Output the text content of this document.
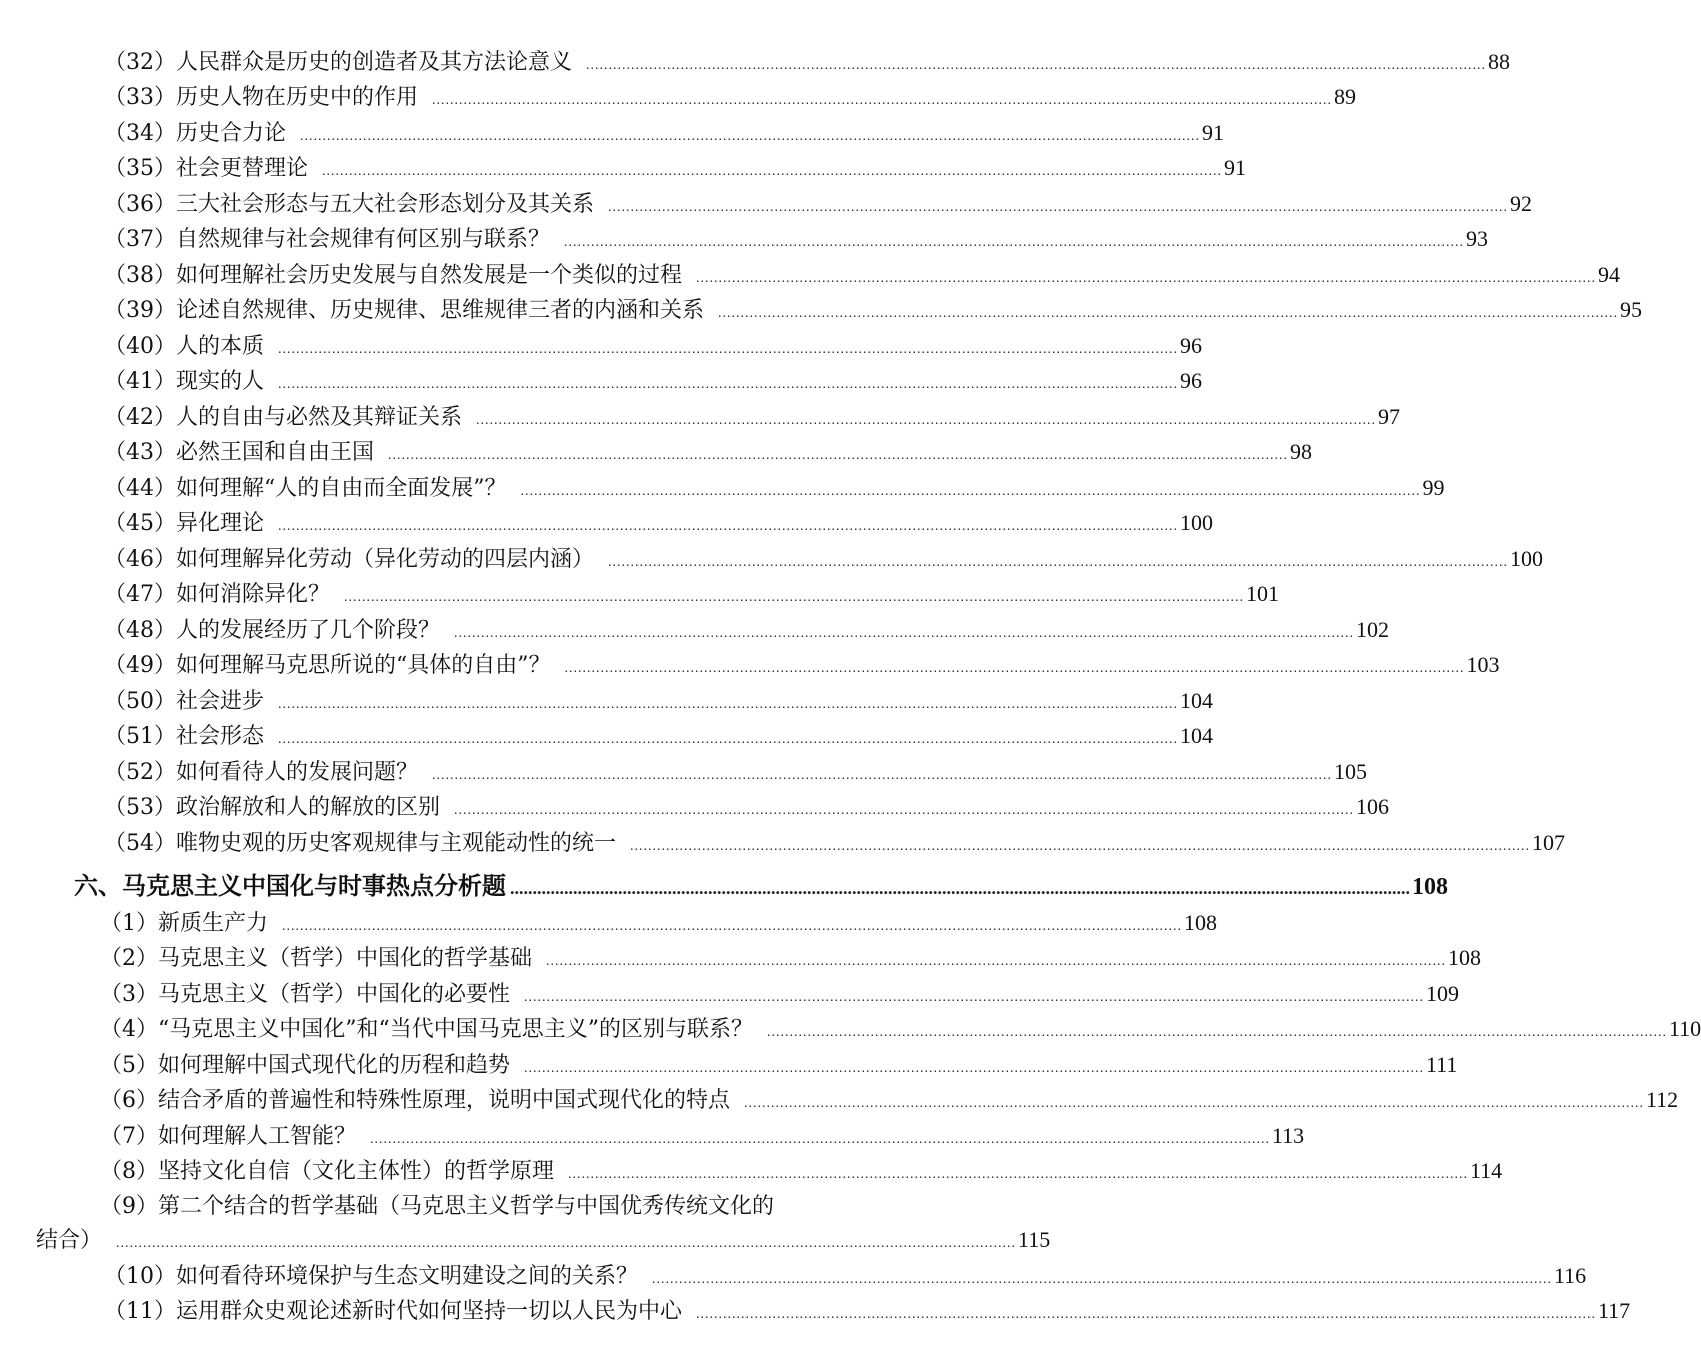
（32）人民群众是历史的创造者及其方法论意义 ........................................................................................................................................................................................................ 88
（33）历史人物在历史中的作用 ........................................................................................................................................................................................................ 89
（34）历史合力论 ........................................................................................................................................................................................................ 91
（35）社会更替理论 ........................................................................................................................................................................................................ 91
（36）三大社会形态与五大社会形态划分及其关系 ........................................................................................................................................................................................................ 92
（37）自然规律与社会规律有何区别与联系？ ........................................................................................................................................................................................................ 93
（38）如何理解社会历史发展与自然发展是一个类似的过程 ........................................................................................................................................................................................................ 94
（39）论述自然规律、历史规律、思维规律三者的内涵和关系 ........................................................................................................................................................................................................ 95
（40）人的本质 ........................................................................................................................................................................................................ 96
（41）现实的人 ........................................................................................................................................................................................................ 96
（42）人的自由与必然及其辩证关系 ........................................................................................................................................................................................................ 97
（43）必然王国和自由王国 ........................................................................................................................................................................................................ 98
（44）如何理解“人的自由而全面发展”？ ........................................................................................................................................................................................................ 99
（45）异化理论 ........................................................................................................................................................................................................ 100
（46）如何理解异化劳动（异化劳动的四层内涵） ........................................................................................................................................................................................................ 100
（47）如何消除异化？ ........................................................................................................................................................................................................ 101
（48）人的发展经历了几个阶段？ ........................................................................................................................................................................................................ 102
（49）如何理解马克思所说的“具体的自由”？ ........................................................................................................................................................................................................ 103
（50）社会进步 ........................................................................................................................................................................................................ 104
（51）社会形态 ........................................................................................................................................................................................................ 104
（52）如何看待人的发展问题？ ........................................................................................................................................................................................................ 105
（53）政治解放和人的解放的区别 ........................................................................................................................................................................................................ 106
（54）唯物史观的历史客观规律与主观能动性的统一 ........................................................................................................................................................................................................ 107
六、马克思主义中国化与时事热点分析题 ........................................................................................................................................................................................................ 108
（1）新质生产力 ........................................................................................................................................................................................................ 108
（2）马克思主义（哲学）中国化的哲学基础 ........................................................................................................................................................................................................ 108
（3）马克思主义（哲学）中国化的必要性 ........................................................................................................................................................................................................ 109
（4）“马克思主义中国化”和“当代中国马克思主义”的区别与联系？ ........................................................................................................................................................................................................ 110
（5）如何理解中国式现代化的历程和趋势 ........................................................................................................................................................................................................ 111
（6）结合矛盾的普遍性和特殊性原理，说明中国式现代化的特点 ........................................................................................................................................................................................................ 112
（7）如何理解人工智能？ ........................................................................................................................................................................................................ 113
（8）坚持文化自信（文化主体性）的哲学原理 ........................................................................................................................................................................................................ 114
（9）第二个结合的哲学基础（马克思主义哲学与中国优秀传统文化的
结合） ........................................................................................................................................................................................................ 115
（10）如何看待环境保护与生态文明建设之间的关系？ ........................................................................................................................................................................................................ 116
（11）运用群众史观论述新时代如何坚持一切以人民为中心 ........................................................................................................................................................................................................ 117
